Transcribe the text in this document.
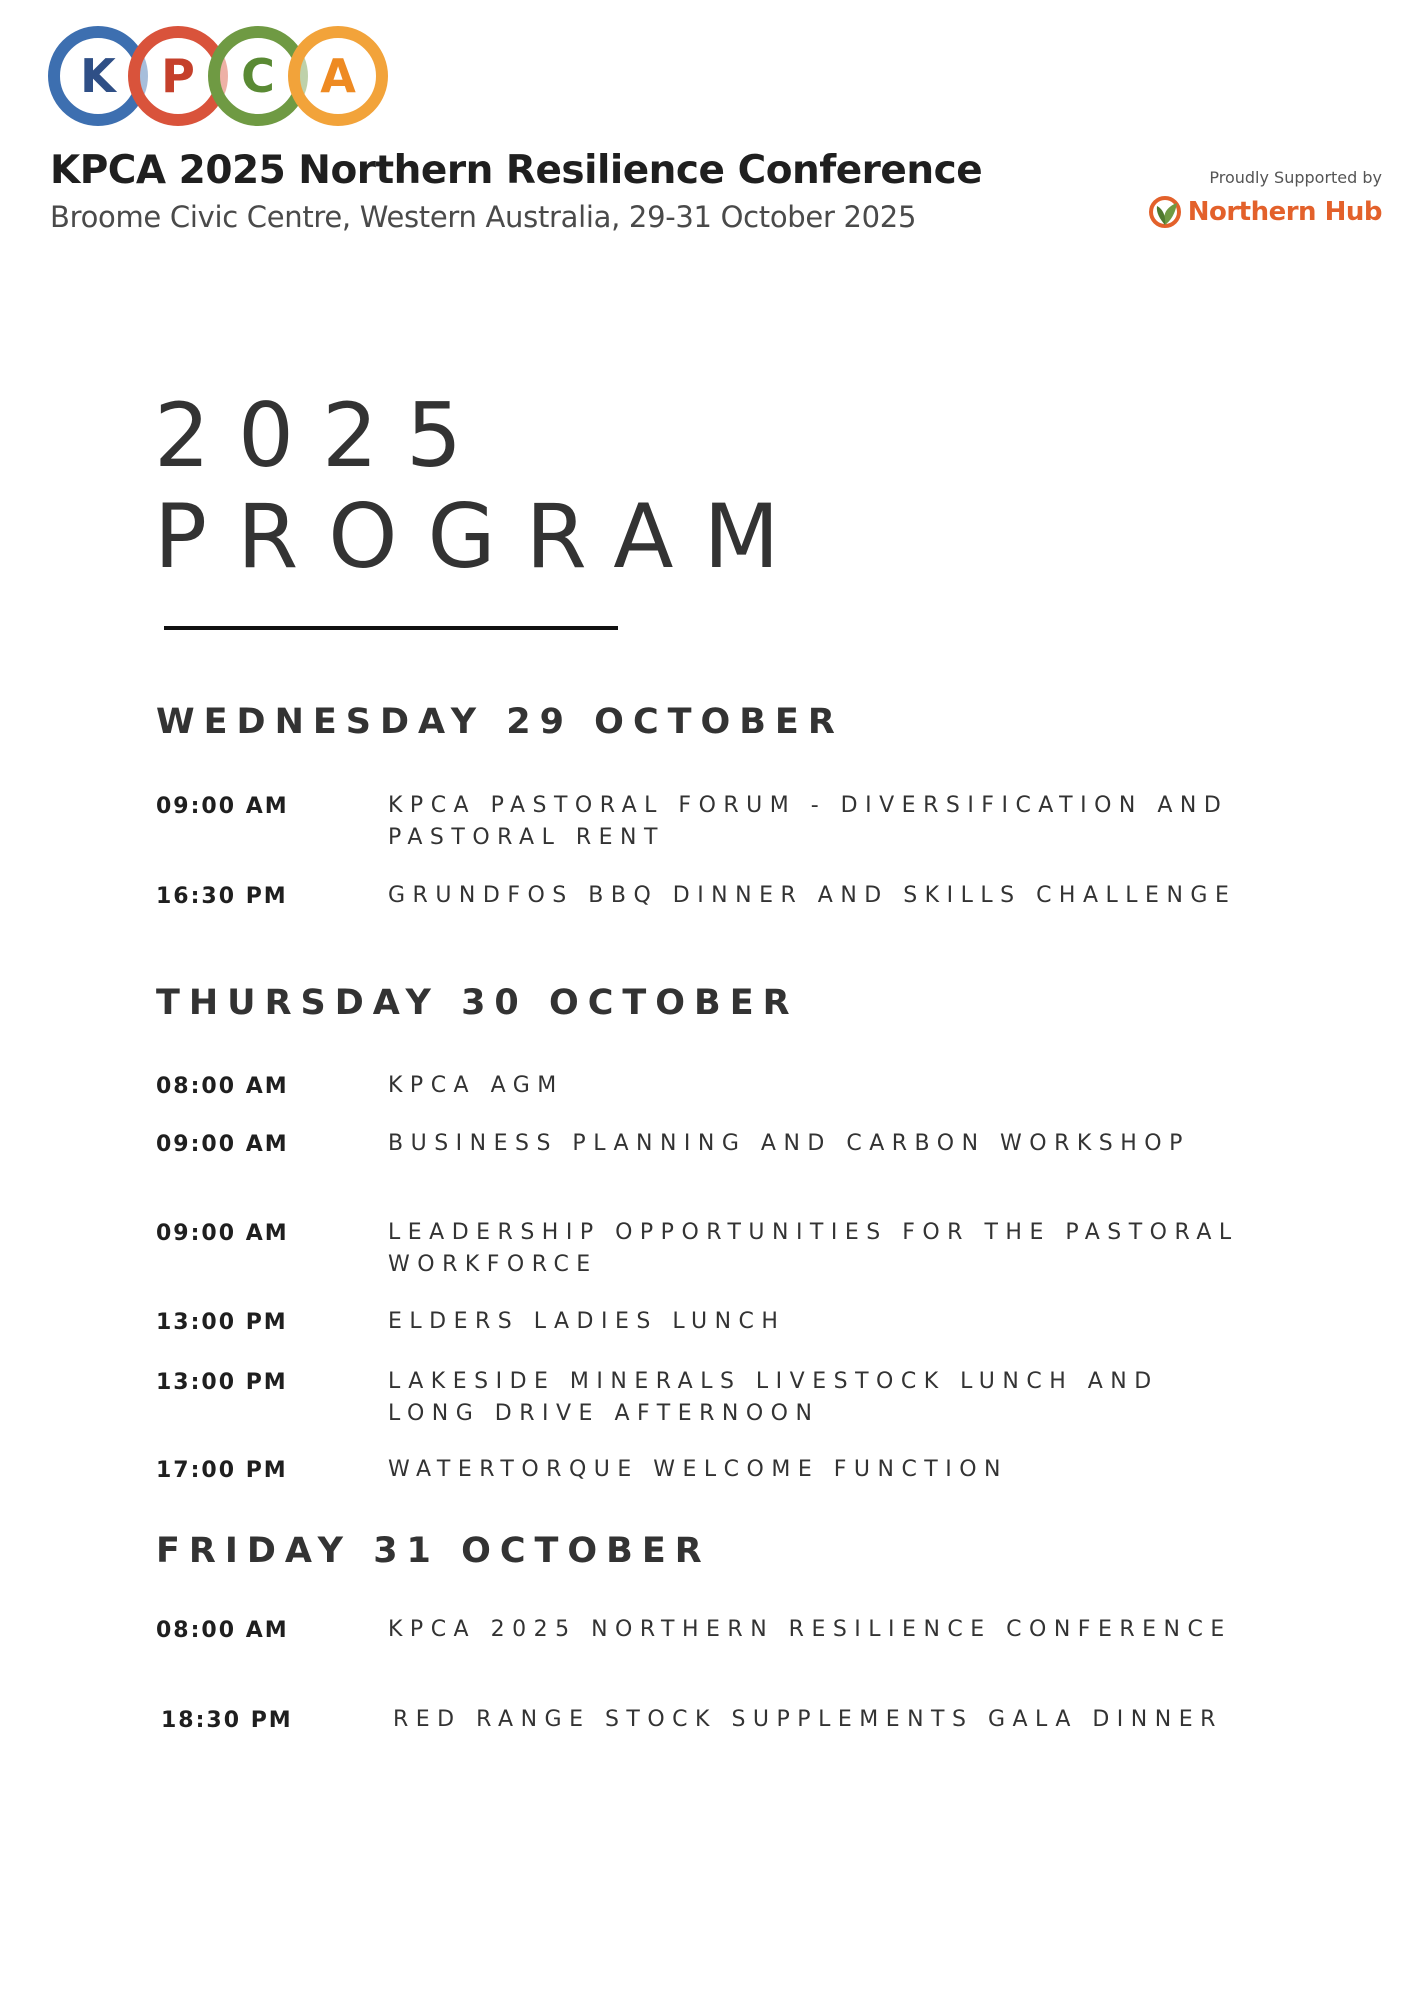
K P C A
KPCA 2025 Northern Resilience Conference

Broome Civic Centre, Western Australia, 29-31 October 2025

Proudly Supported by
Northern Hub
2025
PROGRAM
WEDNESDAY 29 OCTOBER
09:00 AM	KPCA PASTORAL FORUM - DIVERSIFICATION AND PASTORAL RENT
16:30 PM	GRUNDFOS BBQ DINNER AND SKILLS CHALLENGE
THURSDAY 30 OCTOBER
08:00 AM	KPCA AGM
09:00 AM	BUSINESS PLANNING AND CARBON WORKSHOP
09:00 AM	LEADERSHIP OPPORTUNITIES FOR THE PASTORAL WORKFORCE
13:00 PM	ELDERS LADIES LUNCH
13:00 PM	LAKESIDE MINERALS LIVESTOCK LUNCH AND LONG DRIVE AFTERNOON
17:00 PM	WATERTORQUE WELCOME FUNCTION
FRIDAY 31 OCTOBER
08:00 AM	KPCA 2025 NORTHERN RESILIENCE CONFERENCE
18:30 PM	RED RANGE STOCK SUPPLEMENTS GALA DINNER
